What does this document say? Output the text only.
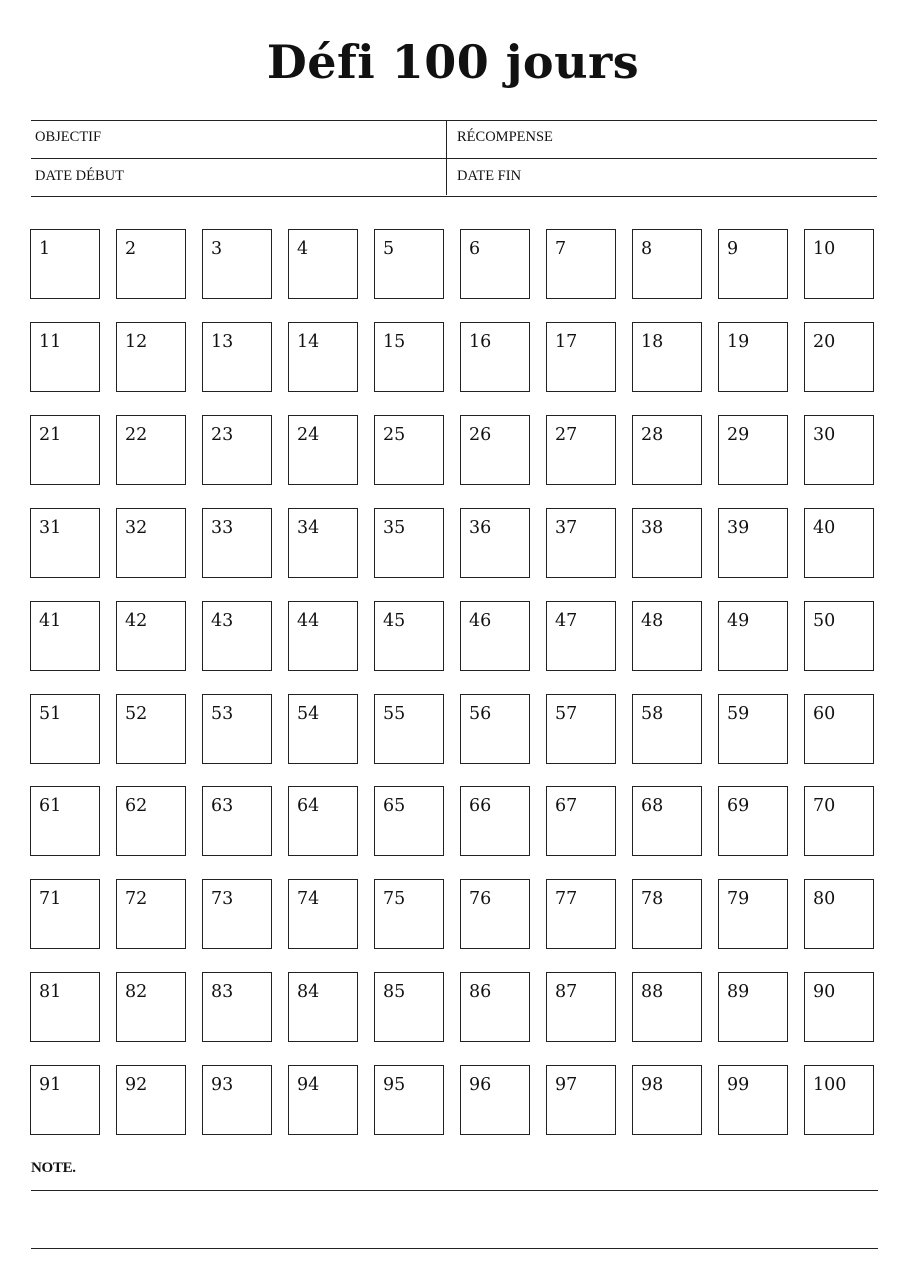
Défi 100 jours
OBJECTIF	RÉCOMPENSE
DATE DÉBUT	DATE FIN
1	2	3	4	5	6	7	8	9	10
11	12	13	14	15	16	17	18	19	20
21	22	23	24	25	26	27	28	29	30
31	32	33	34	35	36	37	38	39	40
41	42	43	44	45	46	47	48	49	50
51	52	53	54	55	56	57	58	59	60
61	62	63	64	65	66	67	68	69	70
71	72	73	74	75	76	77	78	79	80
81	82	83	84	85	86	87	88	89	90
91	92	93	94	95	96	97	98	99	100
NOTE.
